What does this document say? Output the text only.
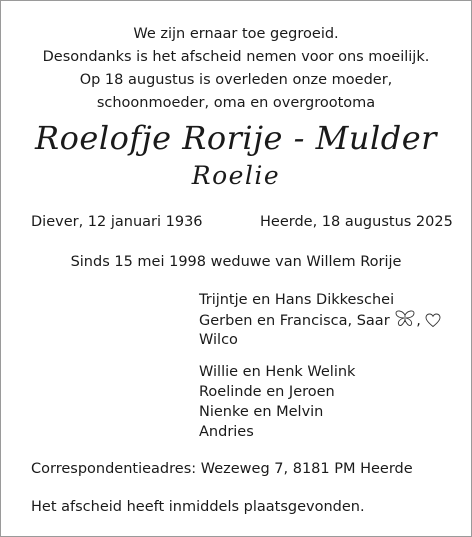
We zijn ernaar toe gegroeid.
Desondanks is het afscheid nemen voor ons moeilijk.
Op 18 augustus is overleden onze moeder,
schoonmoeder, oma en overgrootoma
Roelofje Rorije - Mulder
Roelie
Diever, 12 januari 1936	Heerde, 18 augustus 2025
Sinds 15 mei 1998 weduwe van Willem Rorije
Trijntje en Hans Dikkeschei
Gerben en Francisca, Saar ,
Wilco
Willie en Henk Welink
Roelinde en Jeroen
Nienke en Melvin
Andries
Correspondentieadres: Wezeweg 7, 8181 PM Heerde
Het afscheid heeft inmiddels plaatsgevonden.
